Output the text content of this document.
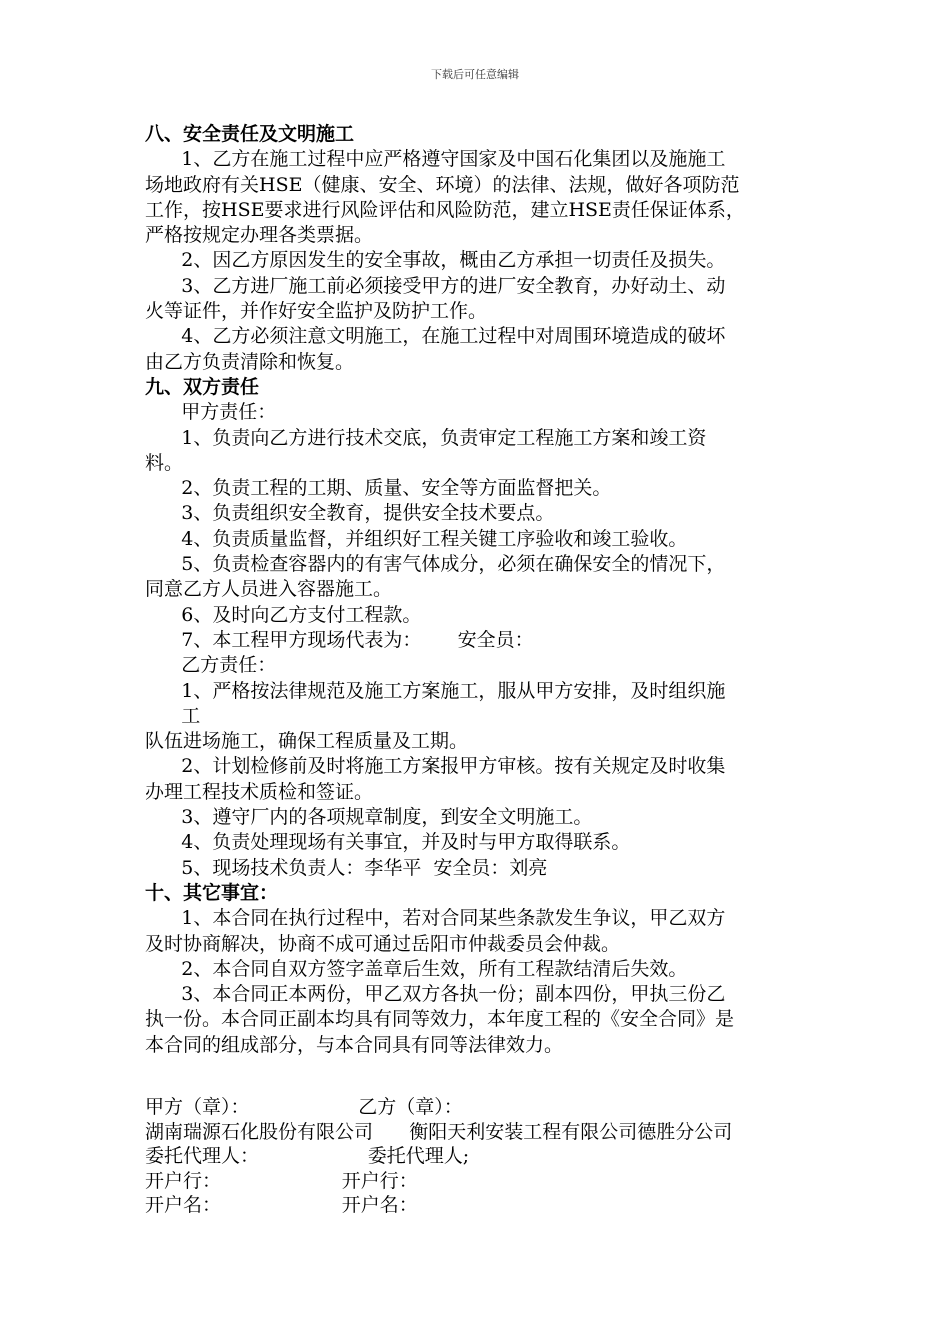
下载后可任意编辑
八、安全责任及文明施工
1、乙方在施工过程中应严格遵守国家及中国石化集团以及施施工
场地政府有关HSE（健康、安全、环境）的法律、法规，做好各项防范
工作，按HSE要求进行风险评估和风险防范，建立HSE责任保证体系，
严格按规定办理各类票据。
2、因乙方原因发生的安全事故，概由乙方承担一切责任及损失。
3、乙方进厂施工前必须接受甲方的进厂安全教育，办好动土、动
火等证件，并作好安全监护及防护工作。
4、乙方必须注意文明施工，在施工过程中对周围环境造成的破坏
由乙方负责清除和恢复。
九、双方责任
甲方责任：
1、负责向乙方进行技术交底，负责审定工程施工方案和竣工资
料。
2、负责工程的工期、质量、安全等方面监督把关。
3、负责组织安全教育，提供安全技术要点。
4、负责质量监督，并组织好工程关键工序验收和竣工验收。
5、负责检查容器内的有害气体成分，必须在确保安全的情况下，
同意乙方人员进入容器施工。
6、及时向乙方支付工程款。
7、本工程甲方现场代表为：      安全员：
乙方责任：
1、严格按法律规范及施工方案施工，服从甲方安排，及时组织施
工
队伍进场施工，确保工程质量及工期。
2、计划检修前及时将施工方案报甲方审核。按有关规定及时收集
办理工程技术质检和签证。
3、遵守厂内的各项规章制度，到安全文明施工。
4、负责处理现场有关事宜，并及时与甲方取得联系。
5、现场技术负责人：李华平  安全员：刘亮
十、其它事宜：
1、本合同在执行过程中，若对合同某些条款发生争议，甲乙双方
及时协商解决，协商不成可通过岳阳市仲裁委员会仲裁。
2、本合同自双方签字盖章后生效，所有工程款结清后失效。
3、本合同正本两份，甲乙双方各执一份；副本四份，甲执三份乙
执一份。本合同正副本均具有同等效力，本年度工程的《安全合同》是
本合同的组成部分，与本合同具有同等法律效力。
甲方（章）：                  乙方（章）：
湖南瑞源石化股份有限公司      衡阳天利安装工程有限公司德胜分公司
委托代理人：                  委托代理人;
开户行：                    开户行：
开户名：                    开户名：
